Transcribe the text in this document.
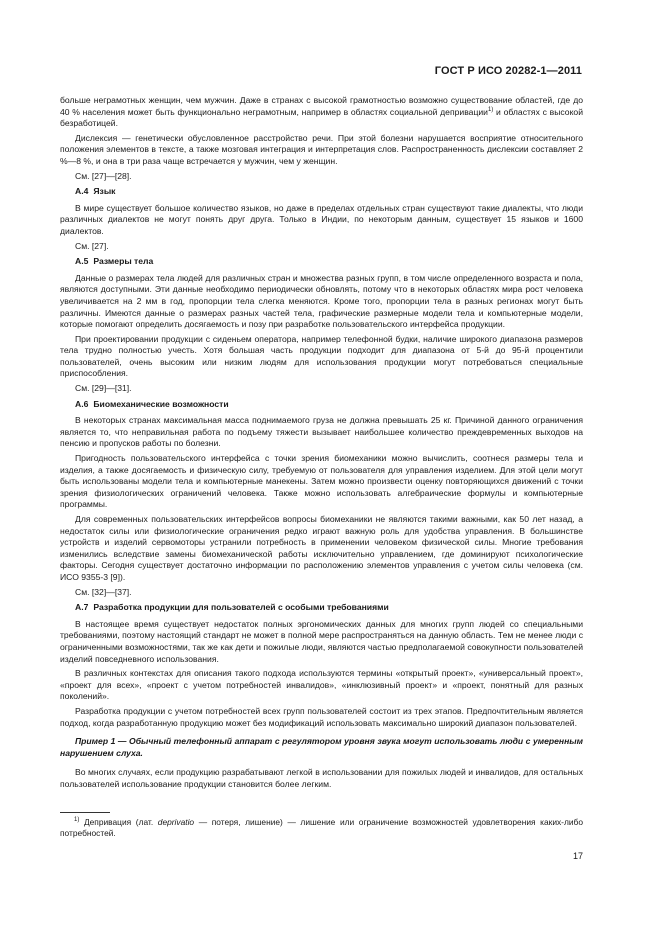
ГОСТ Р ИСО 20282-1—2011

больше неграмотных женщин, чем мужчин. Даже в странах с высокой грамотностью возможно существование областей, где до 40 % населения может быть функционально неграмотным, например в областях социальной депривации$^{1)}$ и областях с высокой безработицей.

Дислексия — генетически обусловленное расстройство речи. При этой болезни нарушается восприятие относительного положения элементов в тексте, а также мозговая интеграция и интерпретация слов. Распространенность дислексии составляет 2 %—8 %, и она в три раза чаще встречается у мужчин, чем у женщин.

См. [27]—[28].

А.4 Язык

В мире существует большое количество языков, но даже в пределах отдельных стран существуют такие диалекты, что люди различных диалектов не могут понять друг друга. Только в Индии, по некоторым данным, существует 15 языков и 1600 диалектов.

См. [27].

А.5 Размеры тела

Данные о размерах тела людей для различных стран и множества разных групп, в том числе определенного возраста и пола, являются доступными. Эти данные необходимо периодически обновлять, потому что в некоторых областях мира рост человека увеличивается на 2 мм в год, пропорции тела слегка меняются. Кроме того, пропорции тела в разных регионах могут быть различны. Имеются данные о размерах разных частей тела, графические размерные модели тела и компьютерные модели, которые помогают определить досягаемость и позу при разработке пользовательского интерфейса продукции.

При проектировании продукции с сиденьем оператора, например телефонной будки, наличие широкого диапазона размеров тела трудно полностью учесть. Хотя большая часть продукции подходит для диапазона от 5-й до 95-й процентили пользователей, очень высоким или низким людям для использования продукции могут потребоваться специальные приспособления.

См. [29]—[31].

А.6 Биомеханические возможности

В некоторых странах максимальная масса поднимаемого груза не должна превышать 25 кг. Причиной данного ограничения является то, что неправильная работа по подъему тяжести вызывает наибольшее количество преждевременных выходов на пенсию и пропусков работы по болезни.

Пригодность пользовательского интерфейса с точки зрения биомеханики можно вычислить, соотнеся размеры тела и изделия, а также досягаемость и физическую силу, требуемую от пользователя для управления изделием. Для этой цели могут быть использованы модели тела и компьютерные манекены. Затем можно произвести оценку повторяющихся движений с точки зрения физиологических ограничений человека. Также можно использовать алгебраические формулы и компьютерные программы.

Для современных пользовательских интерфейсов вопросы биомеханики не являются такими важными, как 50 лет назад, а недостаток силы или физиологические ограничения редко играют важную роль для удобства управления. В большинстве устройств и изделий сервомоторы устранили потребность в применении человеком физической силы. Многие требования изменились вследствие замены биомеханической работы исключительно управлением, где доминируют психологические факторы. Сегодня существует достаточно информации по расположению элементов управления с учетом силы человека (см. ИСО 9355-3 [9]).

См. [32]—[37].

А.7 Разработка продукции для пользователей с особыми требованиями

В настоящее время существует недостаток полных эргономических данных для многих групп людей со специальными требованиями, поэтому настоящий стандарт не может в полной мере распространяться на данную область. Тем не менее люди с ограниченными возможностями, так же как дети и пожилые люди, являются частью предполагаемой совокупности пользователей изделий повседневного использования.

В различных контекстах для описания такого подхода используются термины «открытый проект», «универсальный проект», «проект для всех», «проект с учетом потребностей инвалидов», «инклюзивный проект» и «проект, понятный для разных поколений».

Разработка продукции с учетом потребностей всех групп пользователей состоит из трех этапов. Предпочтительным является подход, когда разработанную продукцию может без модификаций использовать максимально широкий диапазон пользователей.

Пример 1 — Обычный телефонный аппарат с регулятором уровня звука могут использовать люди с умеренным нарушением слуха.

Во многих случаях, если продукцию разрабатывают легкой в использовании для пожилых людей и инвалидов, для остальных пользователей использование продукции становится более легким.

$^{1)}$ Депривация (лат. deprivatio — потеря, лишение) — лишение или ограничение возможностей удовлетворения каких-либо потребностей.
17
